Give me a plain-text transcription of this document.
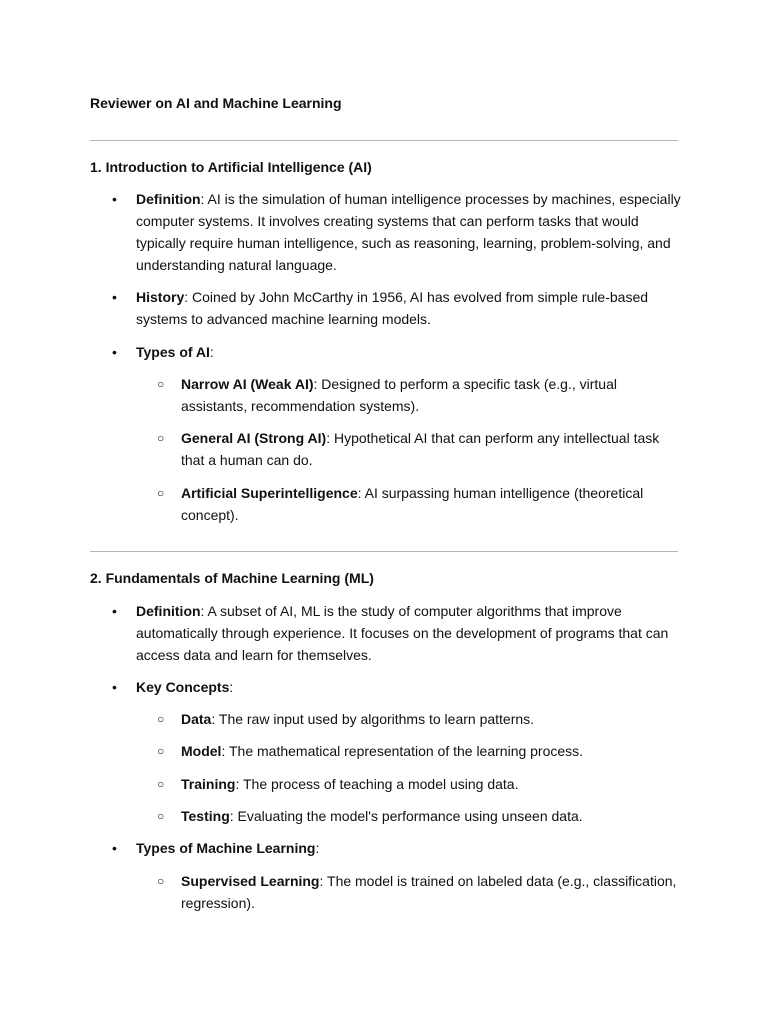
Reviewer on AI and Machine Learning
1. Introduction to Artificial Intelligence (AI)
• Definition: AI is the simulation of human intelligence processes by machines, especially computer systems. It involves creating systems that can perform tasks that would typically require human intelligence, such as reasoning, learning, problem-solving, and understanding natural language.
• History: Coined by John McCarthy in 1956, AI has evolved from simple rule-based systems to advanced machine learning models.
• Types of AI:
○ Narrow AI (Weak AI): Designed to perform a specific task (e.g., virtual assistants, recommendation systems).
○ General AI (Strong AI): Hypothetical AI that can perform any intellectual task that a human can do.
○ Artificial Superintelligence: AI surpassing human intelligence (theoretical concept).
2. Fundamentals of Machine Learning (ML)
• Definition: A subset of AI, ML is the study of computer algorithms that improve automatically through experience. It focuses on the development of programs that can access data and learn for themselves.
• Key Concepts:
○ Data: The raw input used by algorithms to learn patterns.
○ Model: The mathematical representation of the learning process.
○ Training: The process of teaching a model using data.
○ Testing: Evaluating the model's performance using unseen data.
• Types of Machine Learning:
○ Supervised Learning: The model is trained on labeled data (e.g., classification, regression).
